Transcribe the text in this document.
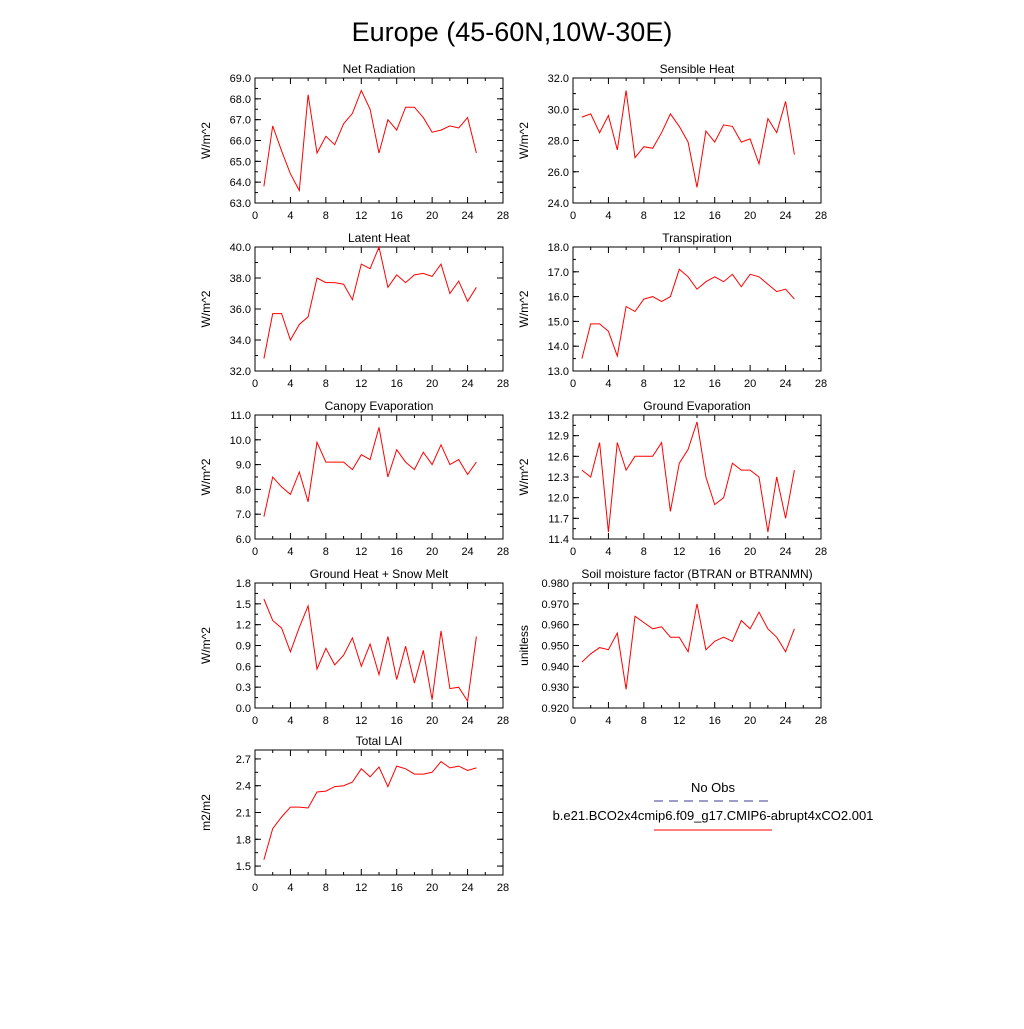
Europe (45-60N,10W-30E)
Net Radiation
W/m^2
0	4	8 12 16 20 24 28
63.0
64.0
65.0
66.0
67.0
68.0
69.0
Sensible Heat
W/m^2
0	4	8 12 16 20 24 28
24.0
26.0
28.0
30.0
32.0
Latent Heat
W/m^2
0	4	8 12 16 20 24 28
32.0
34.0
36.0
38.0
40.0
Transpiration
W/m^2
0	4	8 12 16 20 24 28
13.0
14.0
15.0
16.0
17.0
18.0
Canopy Evaporation
W/m^2
0	4	8 12 16 20 24 28
6.0
7.0
8.0
9.0
10.0
11.0
Ground Evaporation
W/m^2
0	4	8 12 16 20 24 28
11.4
11.7
12.0
12.3
12.6
12.9
13.2
Ground Heat + Snow Melt
W/m^2
0	4	8 12 16 20 24 28
0.0
0.3
0.6
0.9
1.2
1.5
1.8
Soil moisture factor (BTRAN or BTRANMN)
unitless
0	4	8 12 16 20 24 28
0.920
0.930
0.940
0.950
0.960
0.970
0.980
Total LAI
m2/m2
0	4	8 12 16 20 24 28
1.5
1.8
2.1
2.4
2.7
No Obs
b.e21.BCO2x4cmip6.f09_g17.CMIP6-abrupt4xCO2.001
